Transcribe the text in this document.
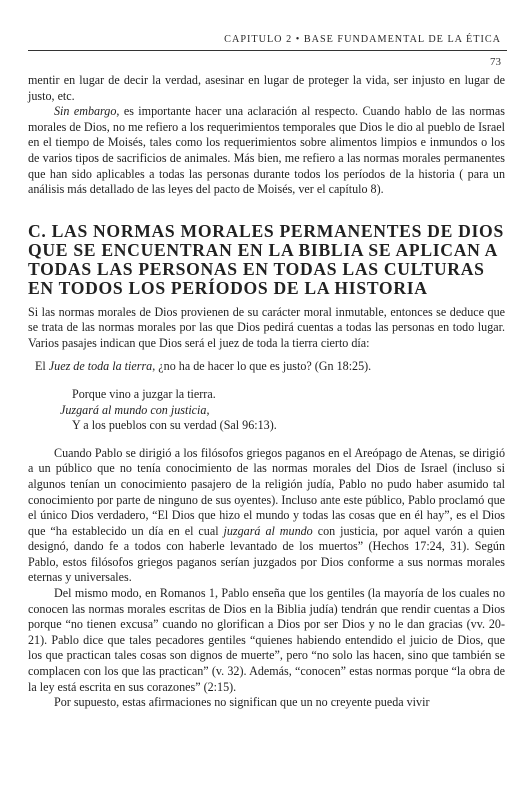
CAPITULO 2 • BASE FUNDAMENTAL DE LA ÉTICA
73

mentir en lugar de decir la verdad, asesinar en lugar de proteger la vida, ser injusto en lugar de justo, etc.

Sin embargo, es importante hacer una aclaración al respecto. Cuando hablo de las normas morales de Dios, no me refiero a los requerimientos temporales que Dios le dio al pueblo de Israel en el tiempo de Moisés, tales como los requerimientos sobre alimentos limpios e inmundos o los de varios tipos de sacrificios de animales. Más bien, me refiero a las normas morales permanentes que han sido aplicables a todas las personas durante todos los períodos de la historia ( para un análisis más detallado de las leyes del pacto de Moisés, ver el capítulo 8).

C. LAS NORMAS MORALES PERMANENTES DE DIOS QUE SE ENCUENTRAN EN LA BIBLIA SE APLICAN A TODAS LAS PERSONAS EN TODAS LAS CULTURAS EN TODOS LOS PERÍODOS DE LA HISTORIA

Si las normas morales de Dios provienen de su carácter moral inmutable, entonces se deduce que se trata de las normas morales por las que Dios pedirá cuentas a todas las personas en todo lugar. Varios pasajes indican que Dios será el juez de toda la tierra cierto día:

El Juez de toda la tierra, ¿no ha de hacer lo que es justo? (Gn 18:25).

Porque vino a juzgar la tierra.
Juzgará al mundo con justicia,
Y a los pueblos con su verdad (Sal 96:13).

Cuando Pablo se dirigió a los filósofos griegos paganos en el Areópago de Atenas, se dirigió a un público que no tenía conocimiento de las normas morales del Dios de Israel (incluso si algunos tenían un conocimiento pasajero de la religión judía, Pablo no pudo haber asumido tal conocimiento por parte de ninguno de sus oyentes). Incluso ante este público, Pablo proclamó que el único Dios verdadero, “El Dios que hizo el mundo y todas las cosas que en él hay”, es el Dios que “ha establecido un día en el cual juzgará al mundo con justicia, por aquel varón a quien designó, dando fe a todos con haberle levantado de los muertos” (Hechos 17:24, 31). Según Pablo, estos filósofos griegos paganos serían juzgados por Dios conforme a sus normas morales eternas y universales.

Del mismo modo, en Romanos 1, Pablo enseña que los gentiles (la mayoría de los cuales no conocen las normas morales escritas de Dios en la Biblia judía) tendrán que rendir cuentas a Dios porque “no tienen excusa” cuando no glorifican a Dios por ser Dios y no le dan gracias (vv. 20-21). Pablo dice que tales pecadores gentiles “quienes habiendo entendido el juicio de Dios, que los que practican tales cosas son dignos de muerte”, pero “no solo las hacen, sino que también se complacen con los que las practican” (v. 32). Además, “conocen” estas normas porque “la obra de la ley está escrita en sus corazones” (2:15).

Por supuesto, estas afirmaciones no significan que un no creyente pueda vivir
